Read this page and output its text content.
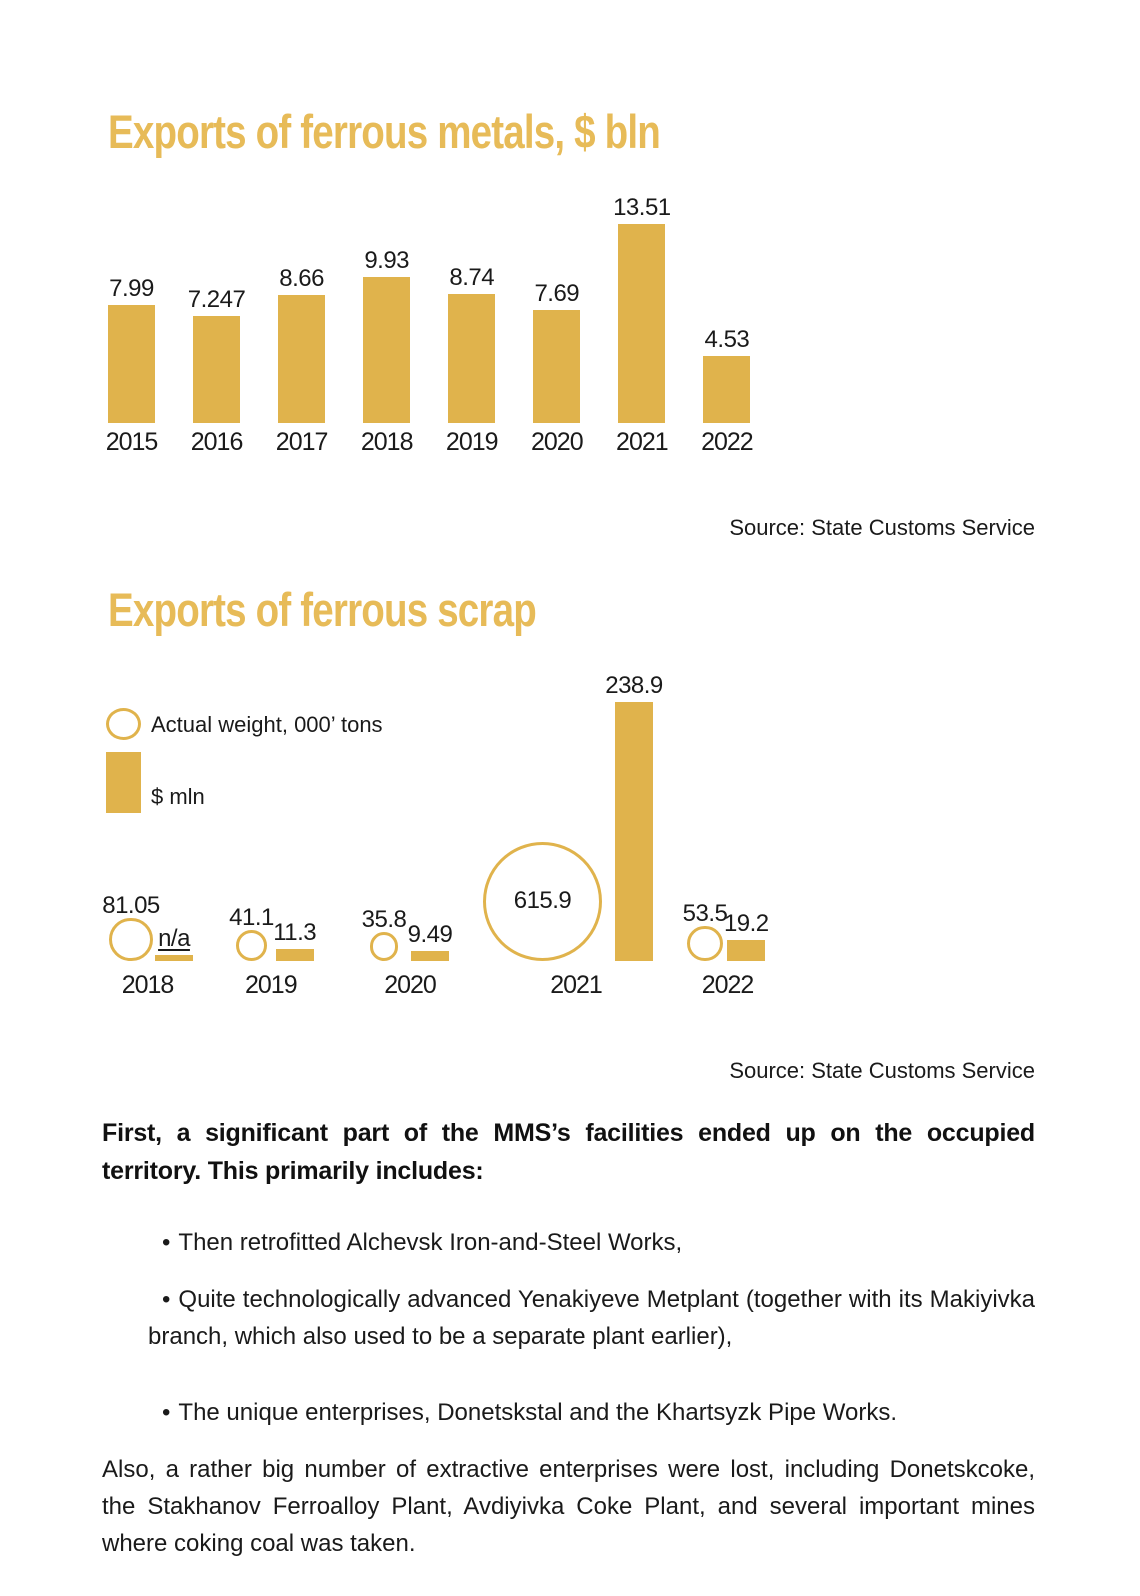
Exports of ferrous metals, $ bln
7.99
2015
7.247
2016
8.66
2017
9.93
2018
8.74
2019
7.69
2020
13.51
2021
4.53
2022
Source: State Customs Service
Exports of ferrous scrap
Actual weight, 000’ tons
$ mln
81.05
n/a
2018
41.1
11.3
2019
35.8
9.49
2020
615.9
238.9
2021
53.5
19.2
2022
Source: State Customs Service

First, a significant part of the MMS’s facilities ended up on the occupied territory. This primarily includes:

• Then retrofitted Alchevsk Iron-and-Steel Works,

• Quite technologically advanced Yenakiyeve Metplant (together with its Makiyivka branch, which also used to be a separate plant earlier),

• The unique enterprises, Donetskstal and the Khartsyzk Pipe Works.

Also, a rather big number of extractive enterprises were lost, including Donetskcoke, the Stakhanov Ferroalloy Plant, Avdiyivka Coke Plant, and several important mines where coking coal was taken.
